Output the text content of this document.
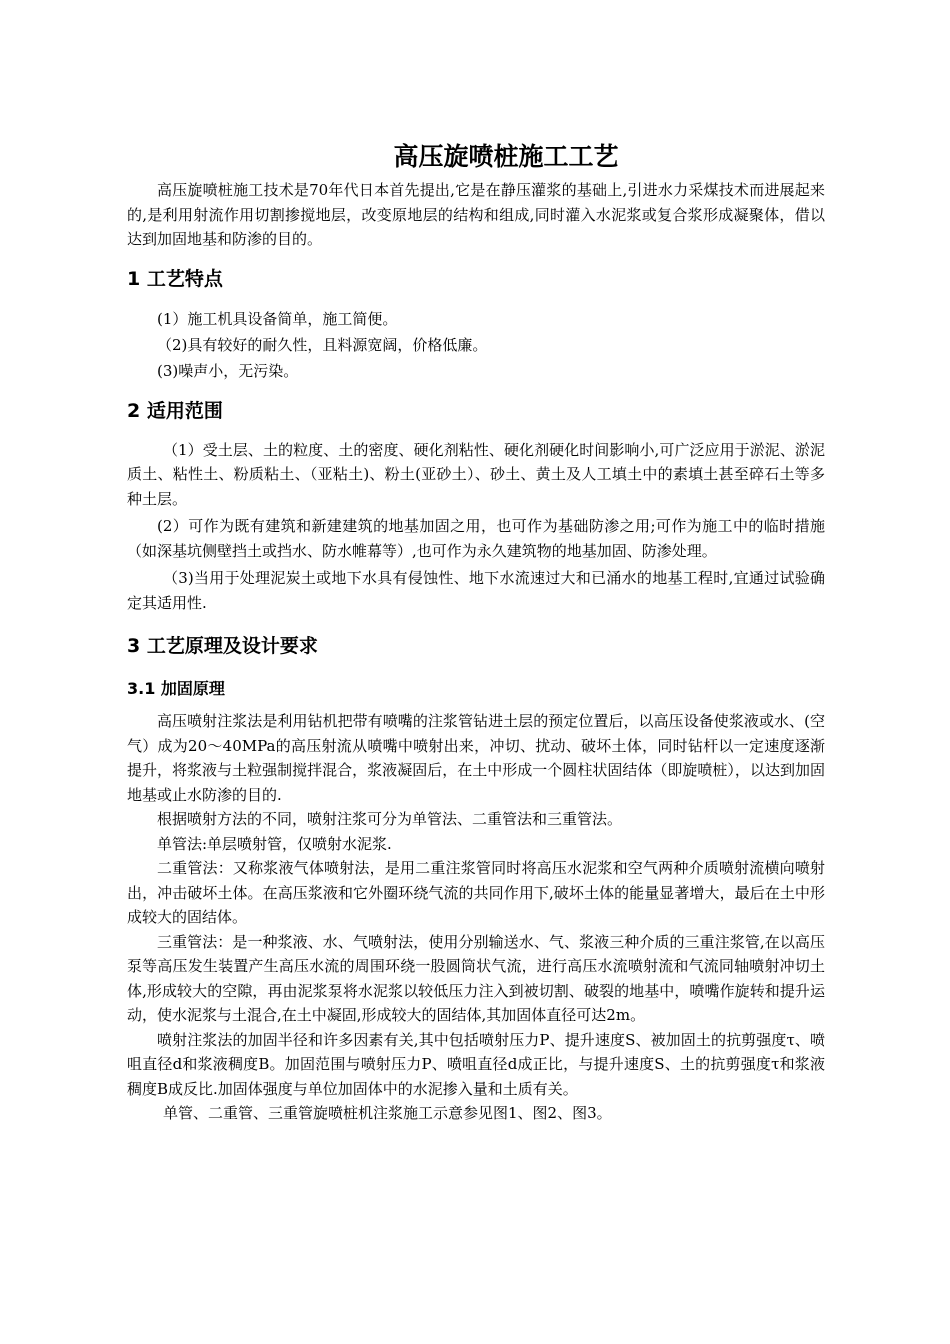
高压旋喷桩施工工艺

高压旋喷桩施工技术是70年代日本首先提出,它是在静压灌浆的基础上,引进水力采煤技术而进展起来的,是利用射流作用切割掺搅地层，改变原地层的结构和组成,同时灌入水泥浆或复合浆形成凝聚体，借以达到加固地基和防渗的目的。

1 工艺特点

(1）施工机具设备简单，施工简便。

（2)具有较好的耐久性，且料源宽阔，价格低廉。

(3)噪声小，无污染。

2 适用范围

（1）受土层、土的粒度、土的密度、硬化剂粘性、硬化剂硬化时间影响小,可广泛应用于淤泥、淤泥质土、粘性土、粉质粘土、（亚粘土)、粉土(亚砂土）、砂土、黄土及人工填土中的素填土甚至碎石土等多种土层。

(2）可作为既有建筑和新建建筑的地基加固之用，也可作为基础防渗之用;可作为施工中的临时措施（如深基坑侧壁挡土或挡水、防水帷幕等）,也可作为永久建筑物的地基加固、防渗处理。

（3)当用于处理泥炭土或地下水具有侵蚀性、地下水流速过大和已涌水的地基工程时,宜通过试验确定其适用性.

3 工艺原理及设计要求
3.1 加固原理

高压喷射注浆法是利用钻机把带有喷嘴的注浆管钻进土层的预定位置后，以高压设备使浆液或水、(空气）成为20～40MPa的高压射流从喷嘴中喷射出来，冲切、扰动、破坏土体，同时钻杆以一定速度逐渐提升，将浆液与土粒强制搅拌混合，浆液凝固后，在土中形成一个圆柱状固结体（即旋喷桩），以达到加固地基或止水防渗的目的.

根据喷射方法的不同，喷射注浆可分为单管法、二重管法和三重管法。

单管法:单层喷射管，仅喷射水泥浆.

二重管法：又称浆液气体喷射法，是用二重注浆管同时将高压水泥浆和空气两种介质喷射流横向喷射出，冲击破坏土体。在高压浆液和它外圈环绕气流的共同作用下,破坏土体的能量显著增大，最后在土中形成较大的固结体。

三重管法：是一种浆液、水、气喷射法，使用分别输送水、气、浆液三种介质的三重注浆管,在以高压泵等高压发生装置产生高压水流的周围环绕一股圆筒状气流，进行高压水流喷射流和气流同轴喷射冲切土体,形成较大的空隙，再由泥浆泵将水泥浆以较低压力注入到被切割、破裂的地基中，喷嘴作旋转和提升运动，使水泥浆与土混合,在土中凝固,形成较大的固结体,其加固体直径可达2m。

喷射注浆法的加固半径和许多因素有关,其中包括喷射压力P、提升速度S、被加固土的抗剪强度τ、喷咀直径d和浆液稠度B。加固范围与喷射压力P、喷咀直径d成正比，与提升速度S、土的抗剪强度τ和浆液稠度B成反比.加固体强度与单位加固体中的水泥掺入量和土质有关。

单管、二重管、三重管旋喷桩机注浆施工示意参见图1、图2、图3。
